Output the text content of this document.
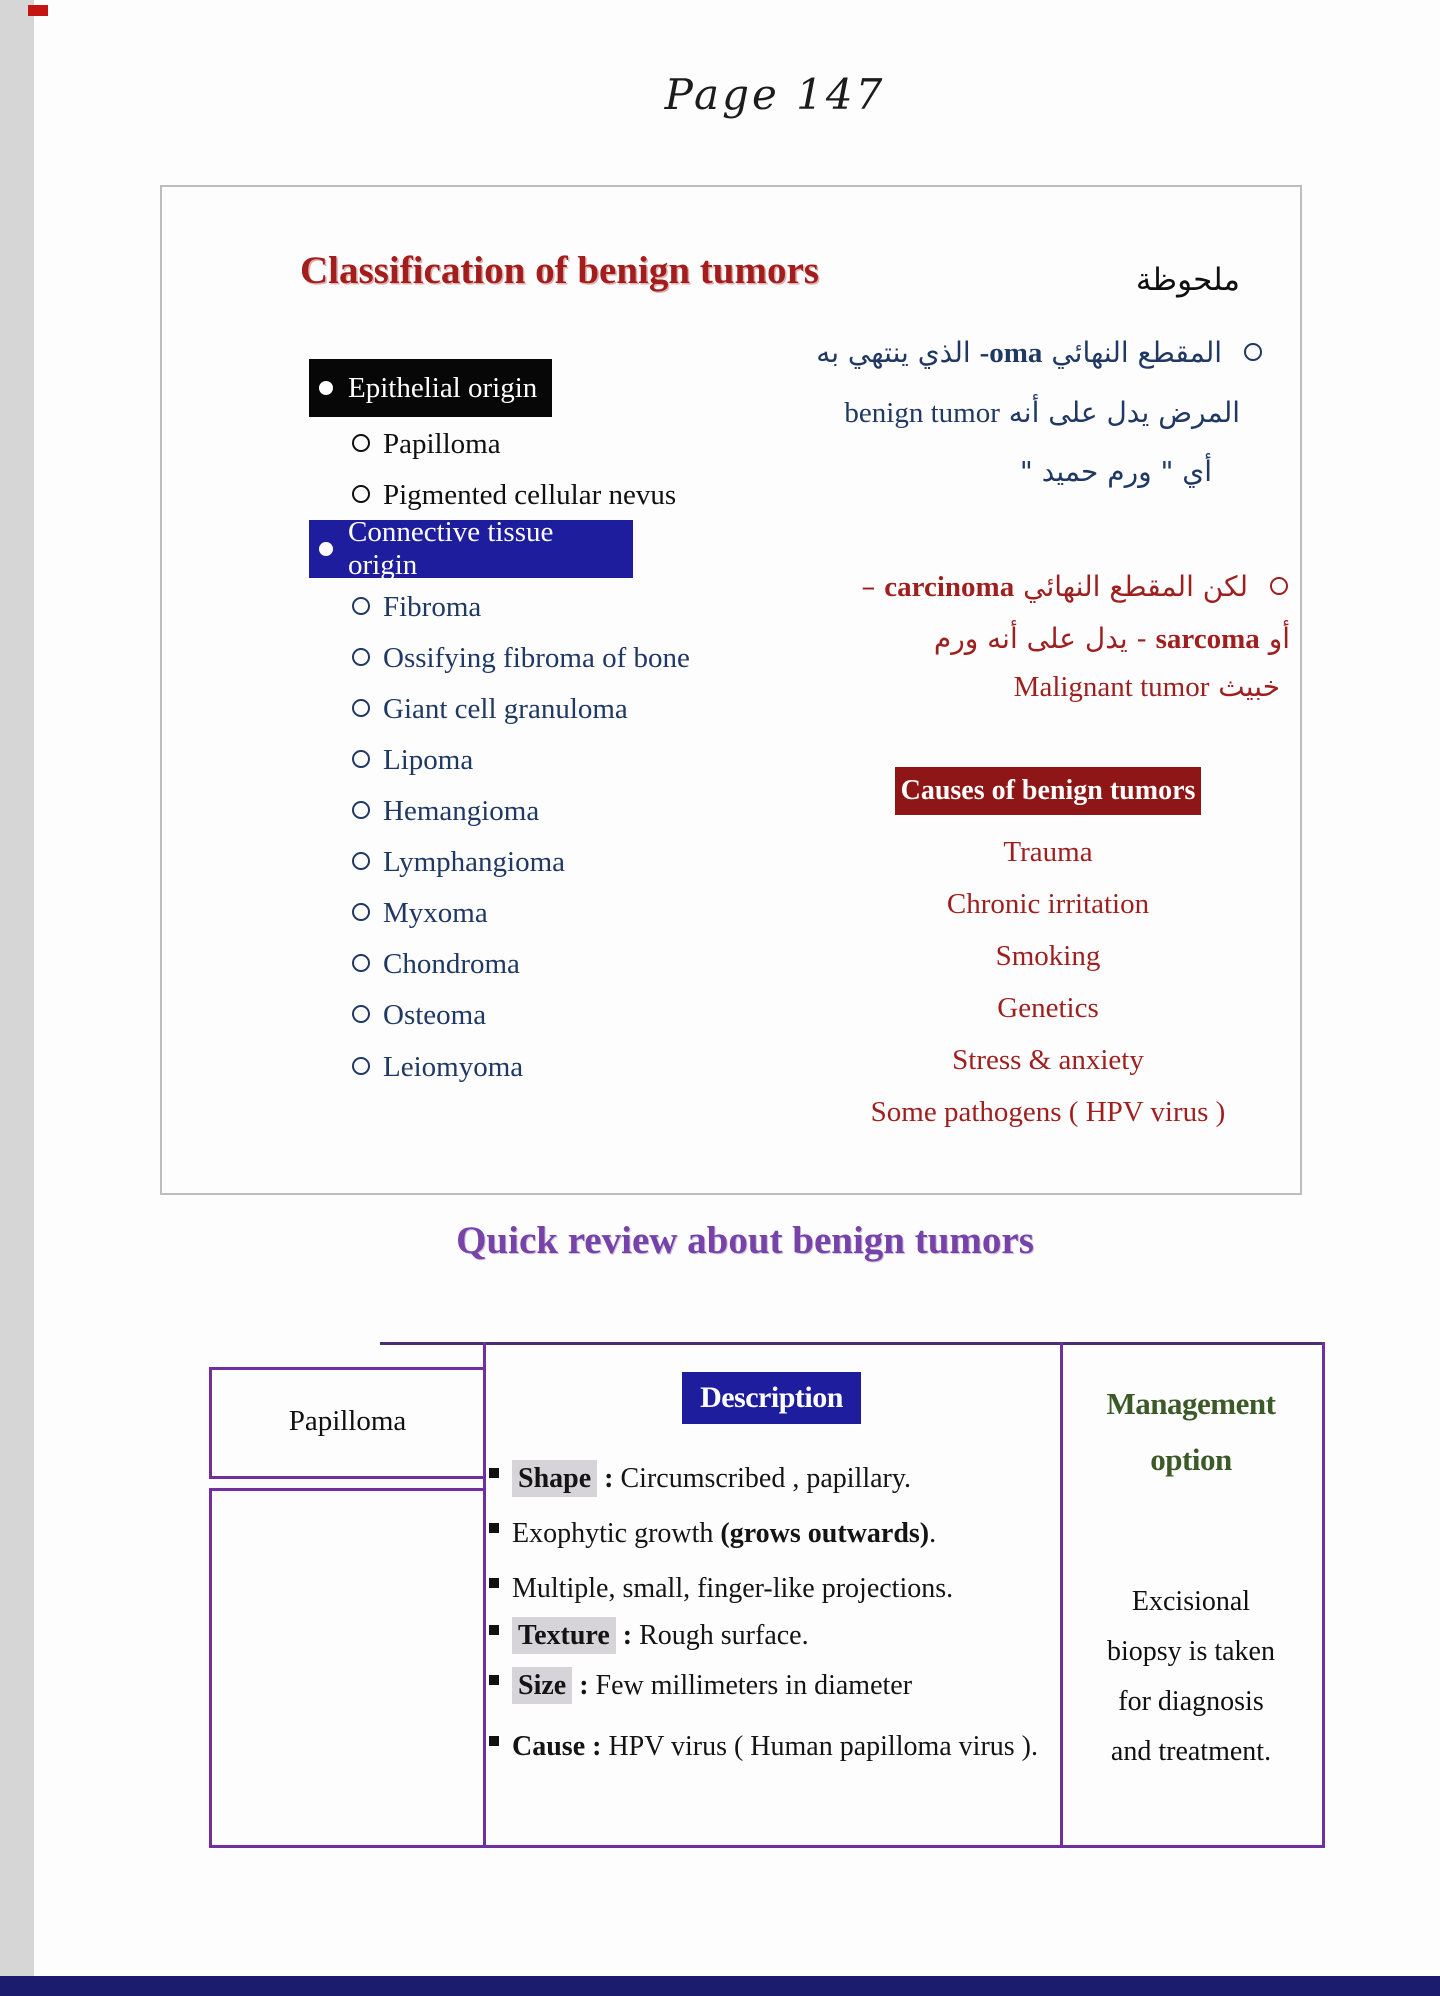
Page 147
Classification of benign tumors
Epithelial origin
Papilloma
Pigmented cellular nevus
Connective tissue origin
Fibroma
Ossifying fibroma of bone
Giant cell granuloma
Lipoma
Hemangioma
Lymphangioma
Myxoma
Chondroma
Osteoma
Leiomyoma
ملحوظة
المقطع النهائي oma- الذي ينتهي به
المرض يدل على أنه benign tumor
أي " ورم حميد "
لكن المقطع النهائي carcinoma –
أو sarcoma - يدل على أنه ورم
خبيث Malignant tumor
Causes of benign tumors
Trauma
Chronic irritation
Smoking
Genetics
Stress & anxiety
Some pathogens ( HPV virus )
Quick review about benign tumors
Papilloma
Description
Shape : Circumscribed , papillary.
Exophytic growth (grows outwards).
Multiple, small, finger-like projections.
Texture : Rough surface.
Size : Few millimeters in diameter
Cause : HPV virus ( Human papilloma virus ).
Management
option
Excisional
biopsy is taken
for diagnosis
and treatment.
